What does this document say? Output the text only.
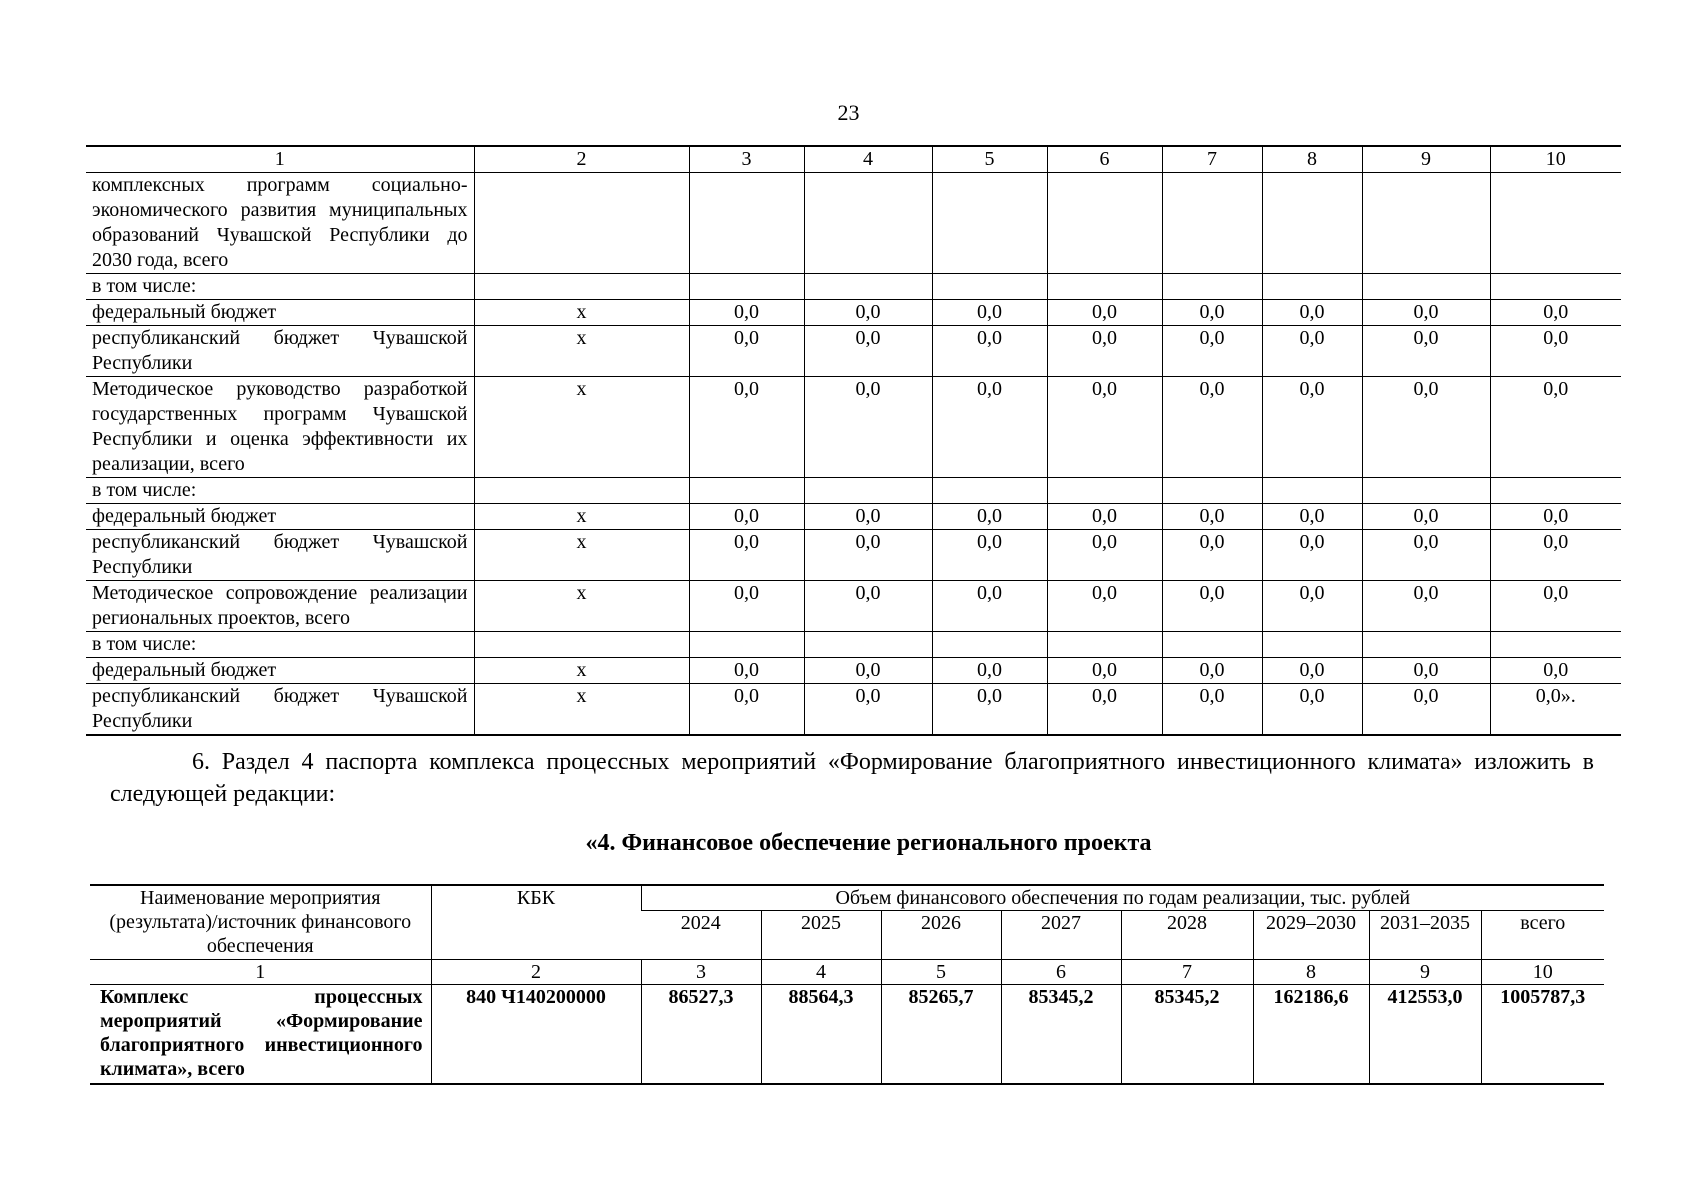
23
1	2	3	4	5	6	7	8	9	10
комплексных программ социально-экономического развития муниципальных образований Чувашской Республики до 2030 года, всего									
в том числе:									
федеральный бюджет	х	0,0	0,0	0,0	0,0	0,0	0,0	0,0	0,0
республиканский бюджет Чувашской Республики	х	0,0	0,0	0,0	0,0	0,0	0,0	0,0	0,0
Методическое руководство разработкой государственных программ Чувашской Республики и оценка эффективности их реализации, всего	х	0,0	0,0	0,0	0,0	0,0	0,0	0,0	0,0
в том числе:									
федеральный бюджет	х	0,0	0,0	0,0	0,0	0,0	0,0	0,0	0,0
республиканский бюджет Чувашской Республики	х	0,0	0,0	0,0	0,0	0,0	0,0	0,0	0,0
Методическое сопровождение реализации региональных проектов, всего	х	0,0	0,0	0,0	0,0	0,0	0,0	0,0	0,0
в том числе:									
федеральный бюджет	х	0,0	0,0	0,0	0,0	0,0	0,0	0,0	0,0
республиканский бюджет Чувашской Республики	х	0,0	0,0	0,0	0,0	0,0	0,0	0,0	0,0».

6. Раздел 4 паспорта комплекса процессных мероприятий «Формирование благоприятного инвестиционного климата» изложить в следующей редакции:

«4. Финансовое обеспечение регионального проекта
Наименование мероприятия (результата)/источник финансового обеспечения	КБК	Объем финансового обеспечения по годам реализации, тыс. рублей							
		2024	2025	2026	2027	2028	2029–2030	2031–2035	всего
1	2	3	4	5	6	7	8	9	10
Комплекс процессных мероприятий «Формирование благоприятного инвестиционного климата», всего	840 Ч140200000	86527,3	88564,3	85265,7	85345,2	85345,2	162186,6	412553,0	1005787,3
